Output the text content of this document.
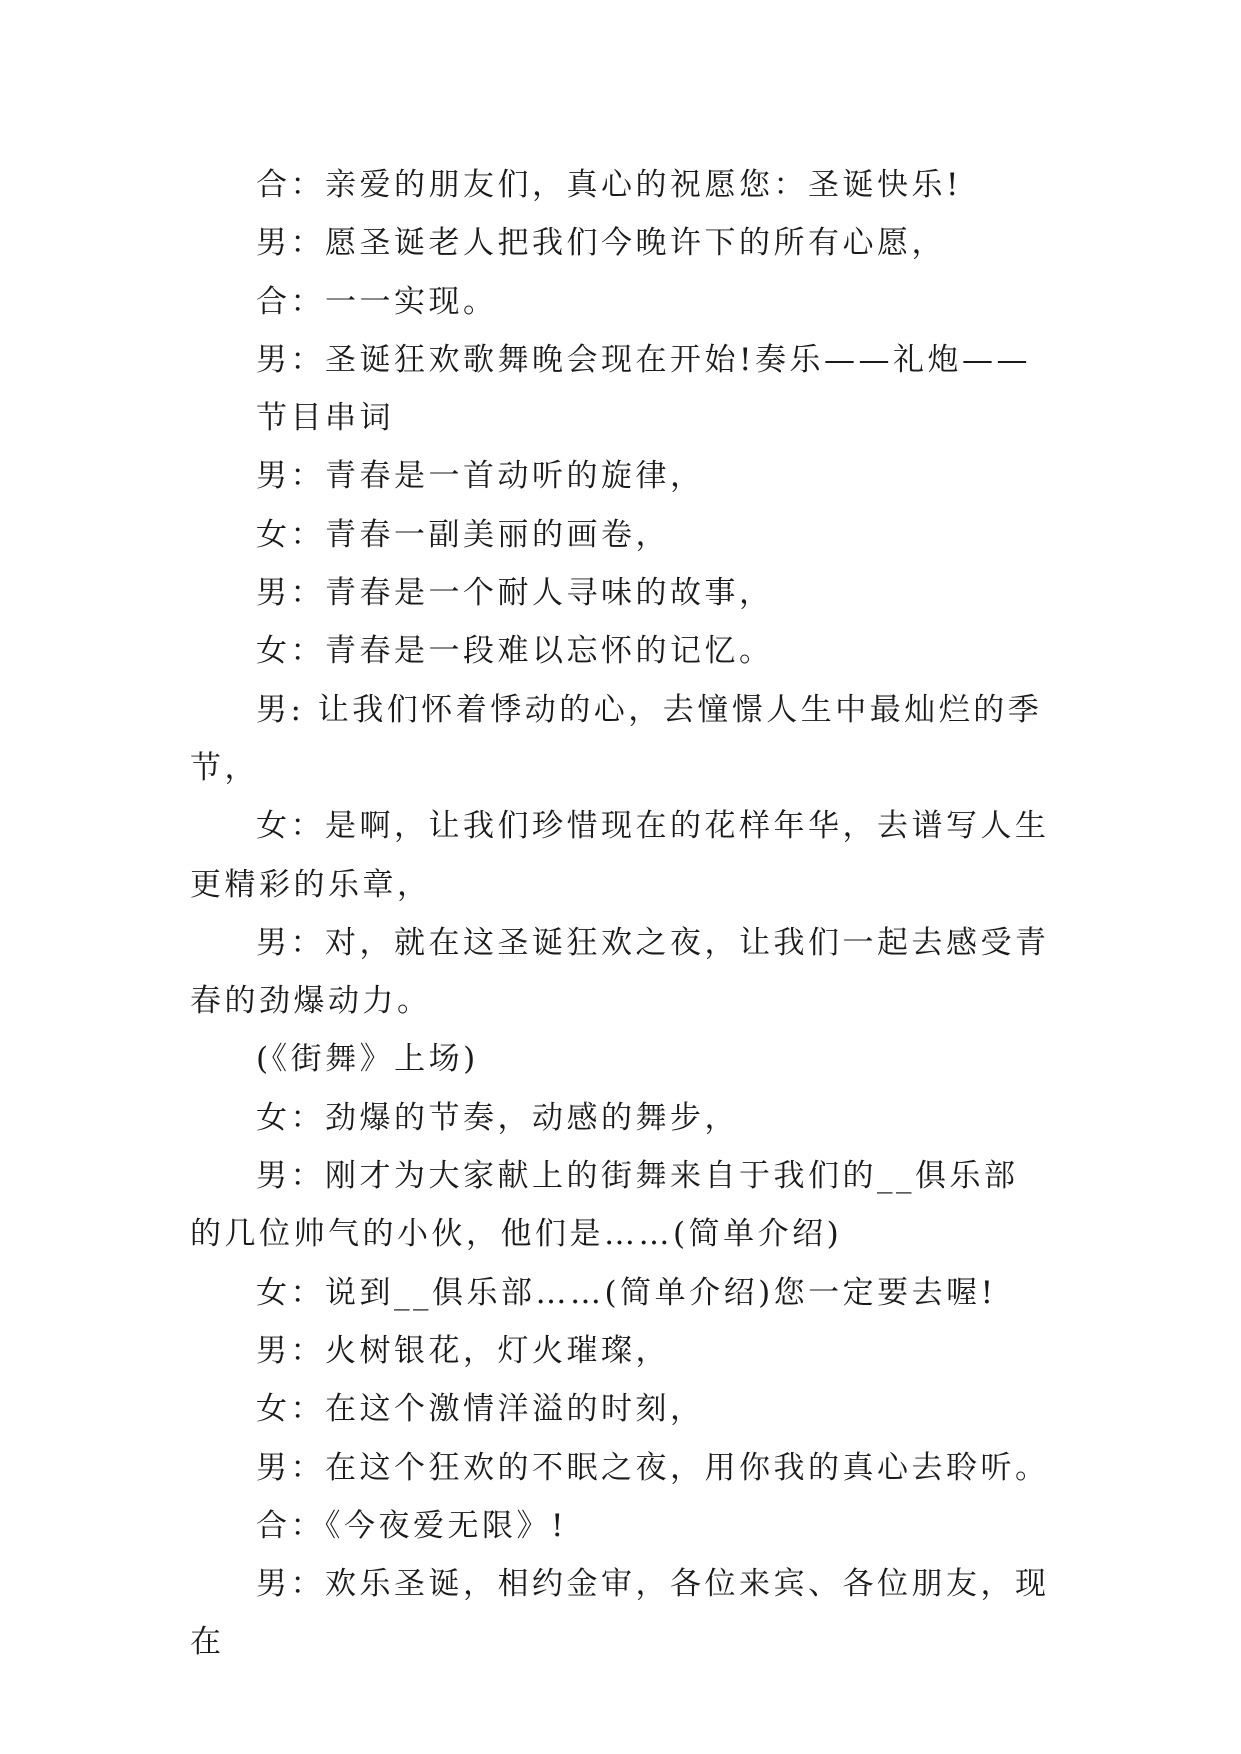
合：亲爱的朋友们，真心的祝愿您：圣诞快乐!

男：愿圣诞老人把我们今晚许下的所有心愿，

合：一一实现。

男：圣诞狂欢歌舞晚会现在开始!奏乐——礼炮——

节目串词

男：青春是一首动听的旋律，

女：青春一副美丽的画卷，

男：青春是一个耐人寻味的故事，

女：青春是一段难以忘怀的记忆。

男: 让我们怀着悸动的心，去憧憬人生中最灿烂的季节，

女：是啊，让我们珍惜现在的花样年华，去谱写人生更精彩的乐章，

男：对，就在这圣诞狂欢之夜，让我们一起去感受青春的劲爆动力。

(《街舞》上场)

女：劲爆的节奏，动感的舞步，

男：刚才为大家献上的街舞来自于我们的__俱乐部的几位帅气的小伙，他们是……(简单介绍)

女：说到__俱乐部……(简单介绍)您一定要去喔!

男：火树银花，灯火璀璨，

女：在这个激情洋溢的时刻，

男：在这个狂欢的不眠之夜，用你我的真心去聆听。

合：《今夜爱无限》!

男：欢乐圣诞，相约金审，各位来宾、各位朋友，现在
